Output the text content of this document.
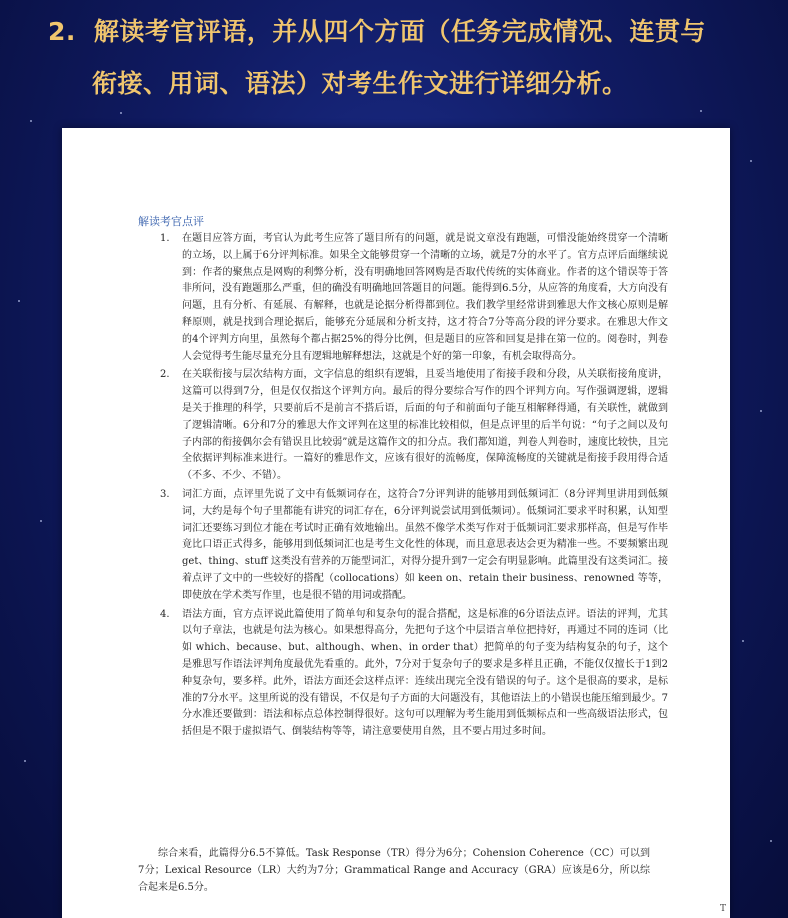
2. 解读考官评语，并从四个方面（任务完成情况、连贯与
衔接、用词、语法）对考生作文进行详细分析。
解读考官点评
1. 在题目应答方面，考官认为此考生应答了题目所有的问题，就是说文章没有跑题，可惜没能始终贯穿一个清晰的立场，以上属于6分评判标准。如果全文能够贯穿一个清晰的立场，就是7分的水平了。官方点评后面继续说到：作者的聚焦点是网购的利弊分析，没有明确地回答网购是否取代传统的实体商业。作者的这个错误等于答非所问，没有跑题那么严重，但的确没有明确地回答题目的问题。能得到6.5分，从应答的角度看，大方向没有问题，且有分析、有延展、有解释，也就是论据分析得都到位。我们教学里经常讲到雅思大作文核心原则是解释原则，就是找到合理论据后，能够充分延展和分析支持，这才符合7分等高分段的评分要求。在雅思大作文的4个评判方向里，虽然每个都占据25%的得分比例，但是题目的应答和回复是排在第一位的。阅卷时，判卷人会觉得考生能尽量充分且有逻辑地解释想法，这就是个好的第一印象，有机会取得高分。
2. 在关联衔接与层次结构方面，文字信息的组织有逻辑，且妥当地使用了衔接手段和分段，从关联衔接角度讲，这篇可以得到7分，但是仅仅指这个评判方向。最后的得分要综合写作的四个评判方向。写作强调逻辑，逻辑是关于推理的科学，只要前后不是前言不搭后语，后面的句子和前面句子能互相解释得通，有关联性，就做到了逻辑清晰。6分和7分的雅思大作文评判在这里的标准比较相似，但是点评里的后半句说：“句子之间以及句子内部的衔接偶尔会有错误且比较弱”就是这篇作文的扣分点。我们都知道，判卷人判卷时，速度比较快，且完全依据评判标准来进行。一篇好的雅思作文，应该有很好的流畅度，保障流畅度的关键就是衔接手段用得合适（不多、不少、不错）。
3. 词汇方面，点评里先说了文中有低频词存在，这符合7分评判讲的能够用到低频词汇（8分评判里讲用到低频词，大约是每个句子里都能有讲究的词汇存在，6分评判说尝试用到低频词）。低频词汇要求平时积累，认知型词汇还要练习到位才能在考试时正确有效地输出。虽然不像学术类写作对于低频词汇要求那样高，但是写作毕竟比口语正式得多，能够用到低频词汇也是考生文化性的体现，而且意思表达会更为精准一些。不要频繁出现 get、thing、stuff 这类没有营养的万能型词汇，对得分提升到7一定会有明显影响。此篇里没有这类词汇。接着点评了文中的一些较好的搭配（collocations）如 keen on、retain their business、renowned 等等，即使放在学术类写作里，也是很不错的用词或搭配。
4. 语法方面，官方点评说此篇使用了简单句和复杂句的混合搭配，这是标准的6分语法点评。语法的评判，尤其以句子章法，也就是句法为核心。如果想得高分，先把句子这个中层语言单位把持好，再通过不同的连词（比如 which、because、but、although、when、in order that）把简单的句子变为结构复杂的句子，这个是雅思写作语法评判角度最优先看重的。此外，7分对于复杂句子的要求是多样且正确，不能仅仅擅长于1到2种复杂句，要多样。此外，语法方面还会这样点评：连续出现完全没有错误的句子。这个是很高的要求，是标准的7分水平。这里所说的没有错误，不仅是句子方面的大问题没有，其他语法上的小错误也能压缩到最少。7分水准还要做到：语法和标点总体控制得很好。这句可以理解为考生能用到低频标点和一些高级语法形式，包括但是不限于虚拟语气、倒装结构等等，请注意要使用自然，且不要占用过多时间。
综合来看，此篇得分6.5不算低。Task Response（TR）得分为6分；Cohension Coherence（CC）可以到7分；Lexical Resource（LR）大约为7分；Grammatical Range and Accuracy（GRA）应该是6分，所以综合起来是6.5分。
T
